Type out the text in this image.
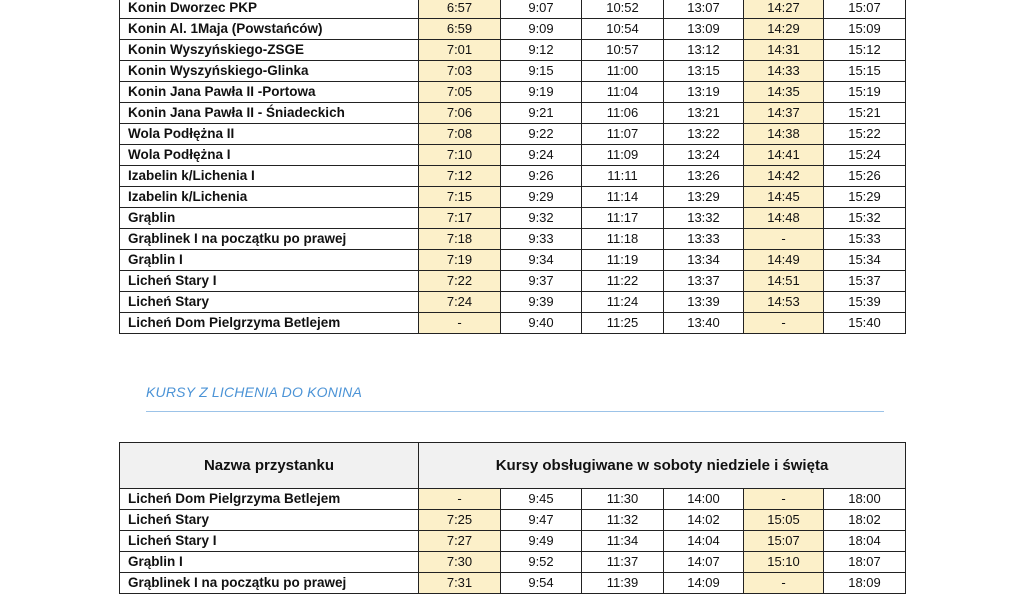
Konin Dworzec PKP	6:57	9:07	10:52	13:07	14:27	15:07
Konin Al. 1Maja (Powstańców)	6:59	9:09	10:54	13:09	14:29	15:09
Konin Wyszyńskiego-ZSGE	7:01	9:12	10:57	13:12	14:31	15:12
Konin Wyszyńskiego-Glinka	7:03	9:15	11:00	13:15	14:33	15:15
Konin Jana Pawła II -Portowa	7:05	9:19	11:04	13:19	14:35	15:19
Konin Jana Pawła II - Śniadeckich	7:06	9:21	11:06	13:21	14:37	15:21
Wola Podłężna II	7:08	9:22	11:07	13:22	14:38	15:22
Wola Podłężna I	7:10	9:24	11:09	13:24	14:41	15:24
Izabelin k/Lichenia I	7:12	9:26	11:11	13:26	14:42	15:26
Izabelin k/Lichenia	7:15	9:29	11:14	13:29	14:45	15:29
Grąblin	7:17	9:32	11:17	13:32	14:48	15:32
Grąblinek I na początku po prawej	7:18	9:33	11:18	13:33	-	15:33
Grąblin I	7:19	9:34	11:19	13:34	14:49	15:34
Licheń Stary I	7:22	9:37	11:22	13:37	14:51	15:37
Licheń Stary	7:24	9:39	11:24	13:39	14:53	15:39
Licheń Dom Pielgrzyma Betlejem	-	9:40	11:25	13:40	-	15:40
KURSY Z LICHENIA DO KONINA
Nazwa przystanku	Kursy obsługiwane w soboty niedziele i święta					
Licheń Dom Pielgrzyma Betlejem	-	9:45	11:30	14:00	-	18:00
Licheń Stary	7:25	9:47	11:32	14:02	15:05	18:02
Licheń Stary I	7:27	9:49	11:34	14:04	15:07	18:04
Grąblin I	7:30	9:52	11:37	14:07	15:10	18:07
Grąblinek I na początku po prawej	7:31	9:54	11:39	14:09	-	18:09
